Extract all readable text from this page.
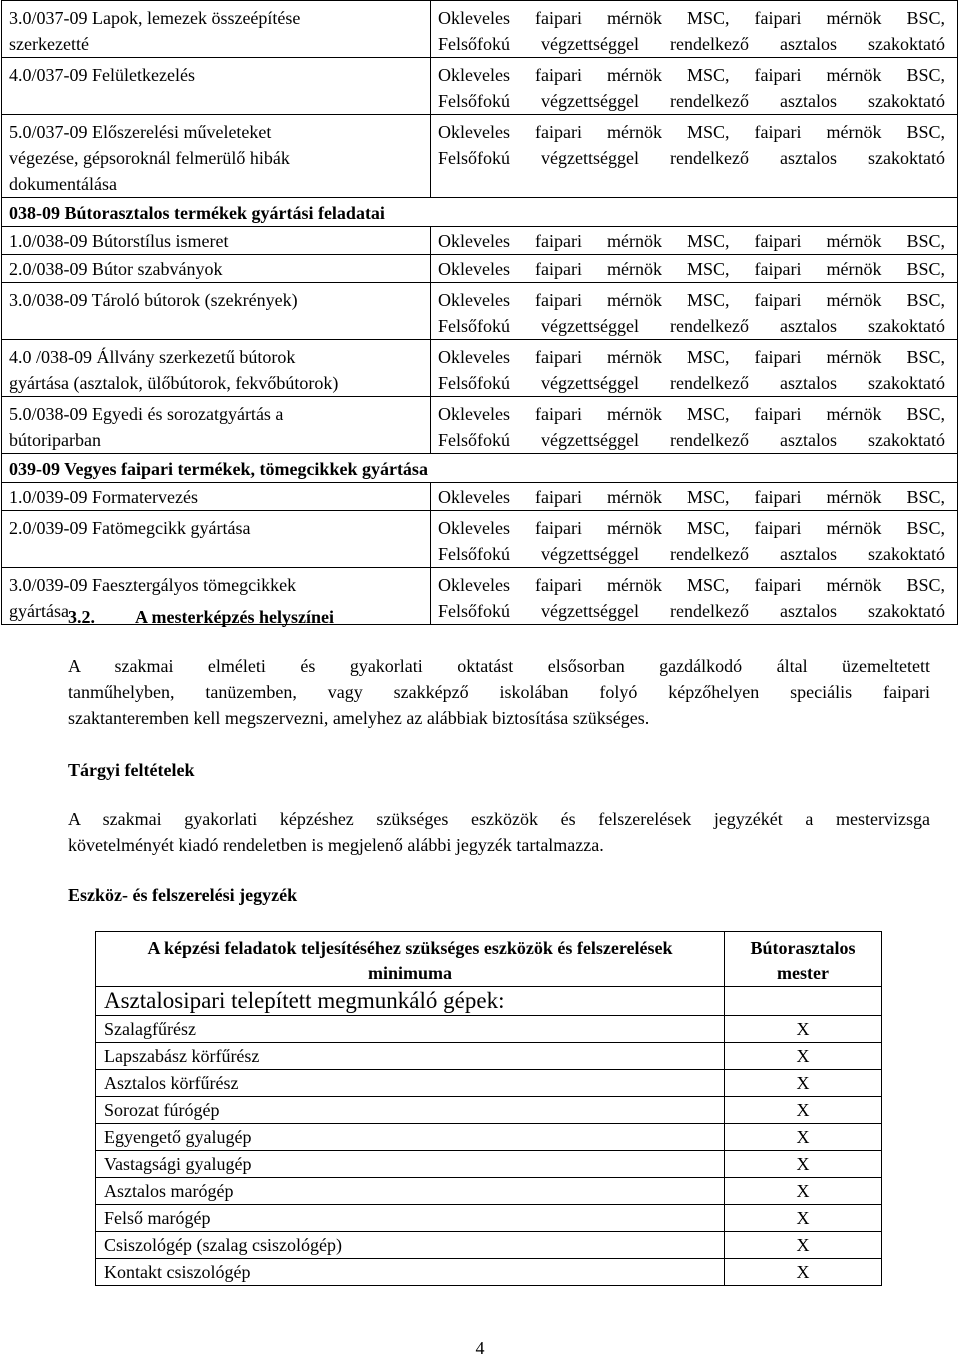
3.0/037-09 Lapok, lemezek összeépítése
szerkezetté	Okleveles faipari mérnök MSC, faipari mérnök BSC,
Felsőfokú végzettséggel rendelkező asztalos szakoktató

4.0/037-09 Felületkezelés	Okleveles faipari mérnök MSC, faipari mérnök BSC,
Felsőfokú végzettséggel rendelkező asztalos szakoktató

5.0/037-09 Előszerelési műveleteket
végezése, gépsoroknál felmerülő hibák
dokumentálása	Okleveles faipari mérnök MSC, faipari mérnök BSC,
Felsőfokú végzettséggel rendelkező asztalos szakoktató

038-09 Bútorasztalos termékek gyártási feladatai	

1.0/038-09 Bútorstílus ismeret	Okleveles faipari mérnök MSC, faipari mérnök BSC,

2.0/038-09 Bútor szabványok	Okleveles faipari mérnök MSC, faipari mérnök BSC,

3.0/038-09 Tároló bútorok (szekrények)	Okleveles faipari mérnök MSC, faipari mérnök BSC,
Felsőfokú végzettséggel rendelkező asztalos szakoktató

4.0 /038-09 Állvány szerkezetű bútorok
gyártása (asztalok, ülőbútorok, fekvőbútorok)	Okleveles faipari mérnök MSC, faipari mérnök BSC,
Felsőfokú végzettséggel rendelkező asztalos szakoktató

5.0/038-09 Egyedi és sorozatgyártás a
bútoriparban	Okleveles faipari mérnök MSC, faipari mérnök BSC,
Felsőfokú végzettséggel rendelkező asztalos szakoktató

039-09 Vegyes faipari termékek, tömegcikkek gyártása	

1.0/039-09 Formatervezés	Okleveles faipari mérnök MSC, faipari mérnök BSC,

2.0/039-09 Fatömegcikk gyártása	Okleveles faipari mérnök MSC, faipari mérnök BSC,
Felsőfokú végzettséggel rendelkező asztalos szakoktató

3.0/039-09 Faesztergályos tömegcikkek
gyártása	Okleveles faipari mérnök MSC, faipari mérnök BSC,
Felsőfokú végzettséggel rendelkező asztalos szakoktató
3.2. A mesterképzés helyszínei
A szakmai elméleti és gyakorlati oktatást elsősorban gazdálkodó által üzemeltetett
tanműhelyben, tanüzemben, vagy szakképző iskolában folyó képzőhelyen speciális faipari
szaktanteremben kell megszervezni, amelyhez az alábbiak biztosítása szükséges.
Tárgyi feltételek
A szakmai gyakorlati képzéshez szükséges eszközök és felszerelések jegyzékét a mestervizsga
követelményét kiadó rendeletben is megjelenő alábbi jegyzék tartalmazza.
Eszköz- és felszerelési jegyzék
A képzési feladatok teljesítéséhez szükséges eszközök és felszerelések minimuma	Bútorasztalos mester
Asztalosipari telepített megmunkáló gépek:	
Szalagfűrész	X
Lapszabász körfűrész	X
Asztalos körfűrész	X
Sorozat fúrógép	X
Egyengető gyalugép	X
Vastagsági gyalugép	X
Asztalos marógép	X
Felső marógép	X
Csiszológép (szalag csiszológép)	X
Kontakt csiszológép	X
4
